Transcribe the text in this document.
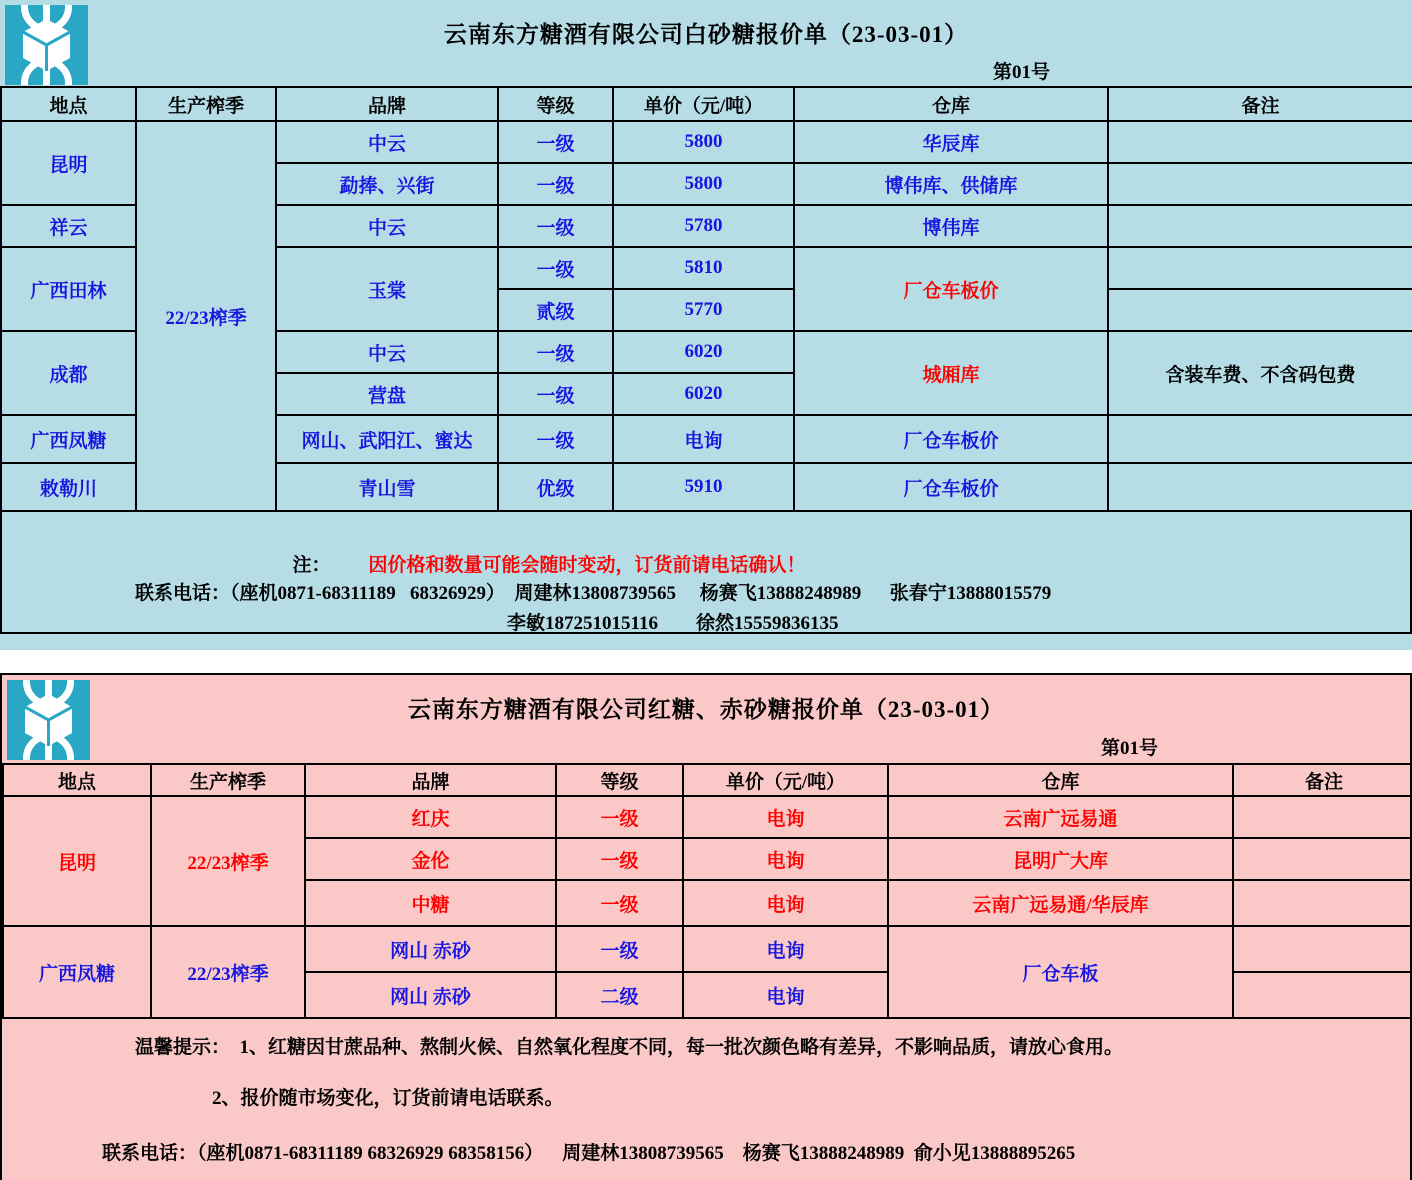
云南东方糖酒有限公司白砂糖报价单（23-03-01）
第01号
地点	生产榨季	品牌	等级	单价（元/吨）	仓库	备注
昆明	22/23榨季	中云	一级	5800	华辰库	
		勐捧、兴街	一级	5800	博伟库、供储库	
祥云		中云	一级	5780	博伟库	
广西田林		玉棠	一级	5810	厂仓车板价	
			贰级	5770		
成都		中云	一级	6020	城厢库	含装车费、不含码包费
		营盘	一级	6020		
广西凤糖		网山、武阳江、蜜达	一级	电询	厂仓车板价	
敕勒川		青山雪	优级	5910	厂仓车板价	

注： 因价格和数量可能会随时变动，订货前请电话确认！

联系电话：（座机0871-68311189   68326929）  周建林13808739565     杨赛飞13888248989      张春宁13888015579
李敏187251015116        徐然15559836135
云南东方糖酒有限公司红糖、赤砂糖报价单（23-03-01）
第01号
地点	生产榨季	品牌	等级	单价（元/吨）	仓库	备注
昆明	22/23榨季	红庆	一级	电询	云南广远易通	
		金伦	一级	电询	昆明广大库	
		中糖	一级	电询	云南广远易通/华辰库	
广西凤糖	22/23榨季	网山 赤砂	一级	电询	厂仓车板	
		网山 赤砂	二级	电询		
温馨提示：  1、红糖因甘蔗品种、熬制火候、自然氧化程度不同，每一批次颜色略有差异，不影响品质，请放心食用。
2、报价随市场变化，订货前请电话联系。
联系电话：（座机0871-68311189 68326929 68358156）    周建林13808739565    杨赛飞13888248989  俞小见13888895265
